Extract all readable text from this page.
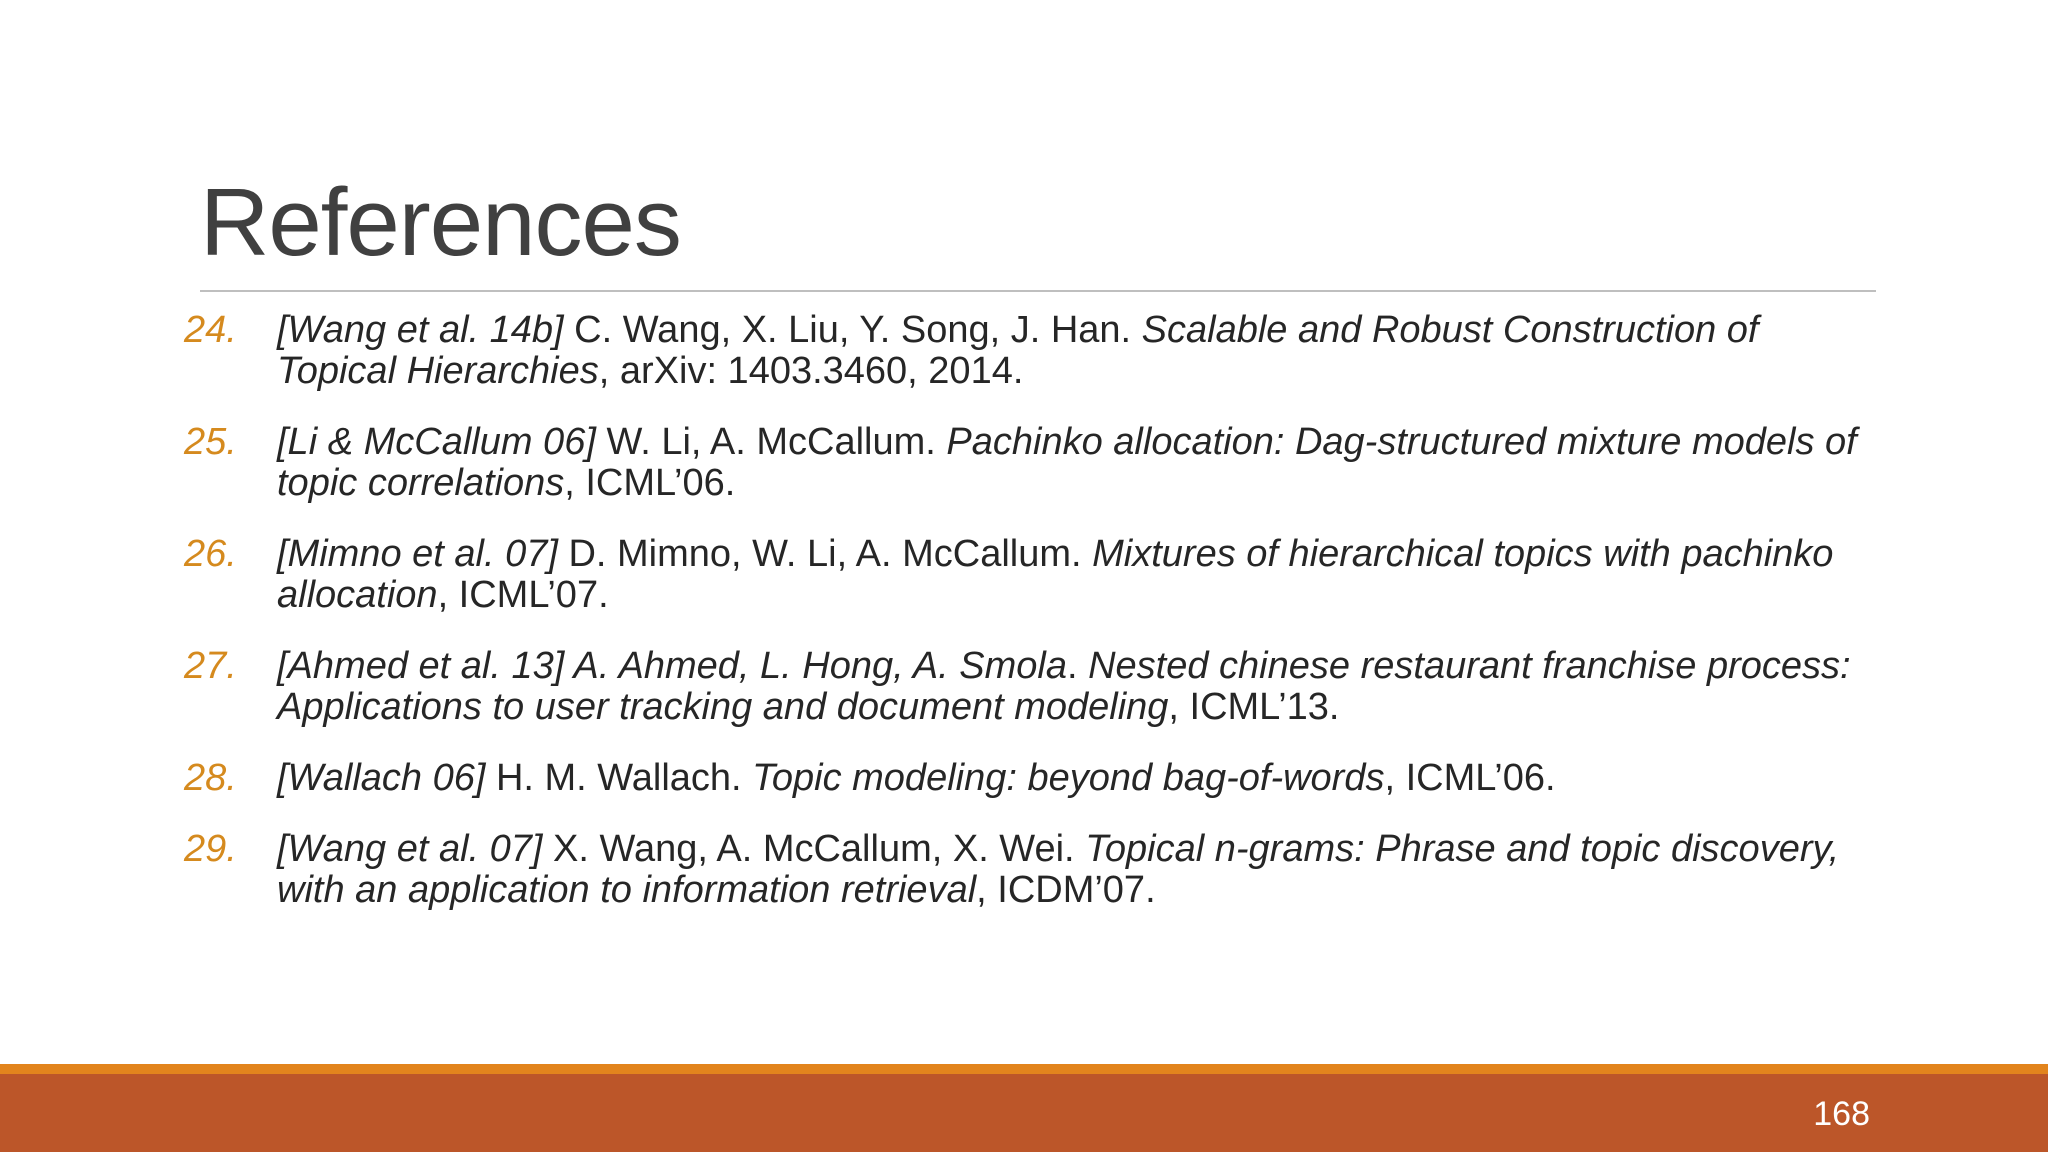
References
24. [Wang et al. 14b] C. Wang, X. Liu, Y. Song, J. Han. Scalable and Robust Construction of Topical Hierarchies, arXiv: 1403.3460, 2014.
25. [Li & McCallum 06] W. Li, A. McCallum. Pachinko allocation: Dag-structured mixture models of topic correlations, ICML’06.
26. [Mimno et al. 07] D. Mimno, W. Li, A. McCallum. Mixtures of hierarchical topics with pachinko allocation, ICML’07.
27. [Ahmed et al. 13] A. Ahmed, L. Hong, A. Smola. Nested chinese restaurant franchise process: Applications to user tracking and document modeling, ICML’13.
28. [Wallach 06] H. M. Wallach. Topic modeling: beyond bag-of-words, ICML’06.
29. [Wang et al. 07] X. Wang, A. McCallum, X. Wei. Topical n-grams: Phrase and topic discovery, with an application to information retrieval, ICDM’07.
168
